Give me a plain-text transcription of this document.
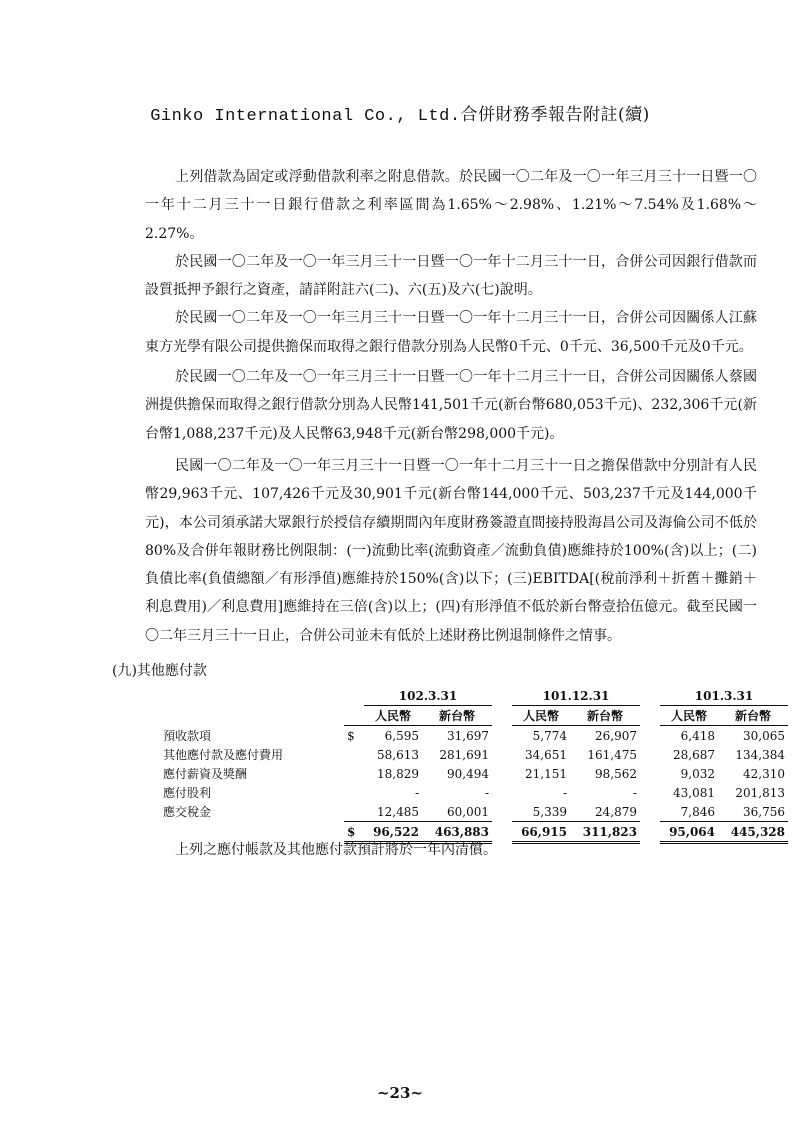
Ginko International Co., Ltd.合併財務季報告附註(續)

上列借款為固定或浮動借款利率之附息借款。於民國一〇二年及一〇一年三月三十一日暨一〇一年十二月三十一日銀行借款之利率區間為1.65%～2.98%、1.21%～7.54%及1.68%～2.27%。

於民國一〇二年及一〇一年三月三十一日暨一〇一年十二月三十一日，合併公司因銀行借款而設質抵押予銀行之資產，請詳附註六(二)、六(五)及六(七)說明。

於民國一〇二年及一〇一年三月三十一日暨一〇一年十二月三十一日，合併公司因關係人江蘇東方光學有限公司提供擔保而取得之銀行借款分別為人民幣0千元、0千元、36,500千元及0千元。

於民國一〇二年及一〇一年三月三十一日暨一〇一年十二月三十一日，合併公司因關係人蔡國洲提供擔保而取得之銀行借款分別為人民幣141,501千元(新台幣680,053千元)、232,306千元(新台幣1,088,237千元)及人民幣63,948千元(新台幣298,000千元)。

民國一〇二年及一〇一年三月三十一日暨一〇一年十二月三十一日之擔保借款中分別計有人民幣29,963千元、107,426千元及30,901千元(新台幣144,000千元、503,237千元及144,000千元)，本公司須承諾大眾銀行於授信存續期間內年度財務簽證直間接持股海昌公司及海倫公司不低於80%及合併年報財務比例限制：(一)流動比率(流動資產／流動負債)應維持於100%(含)以上；(二)負債比率(負債總額／有形淨值)應維持於150%(含)以下；(三)EBITDA[(稅前淨利＋折舊＋攤銷＋利息費用)／利息費用]應維持在三倍(含)以上；(四)有形淨值不低於新台幣壹拾伍億元。截至民國一〇二年三月三十一日止，合併公司並未有低於上述財務比例退制條件之情事。

(九)其他應付款
		102.3.31			101.12.31			101.3.31	
		人民幣	新台幣		人民幣	新台幣		人民幣	新台幣
預收款項	$	6,595	31,697		5,774	26,907		6,418	30,065
其他應付款及應付費用		58,613	281,691		34,651	161,475		28,687	134,384
應付薪資及獎酬		18,829	90,494		21,151	98,562		9,032	42,310
應付股利		-	-		-	-		43,081	201,813
應交稅金		12,485	60,001		5,339	24,879		7,846	36,756
	$	96,522	463,883		66,915	311,823		95,064	445,328
上列之應付帳款及其他應付款預計將於一年內清償。
~23~
